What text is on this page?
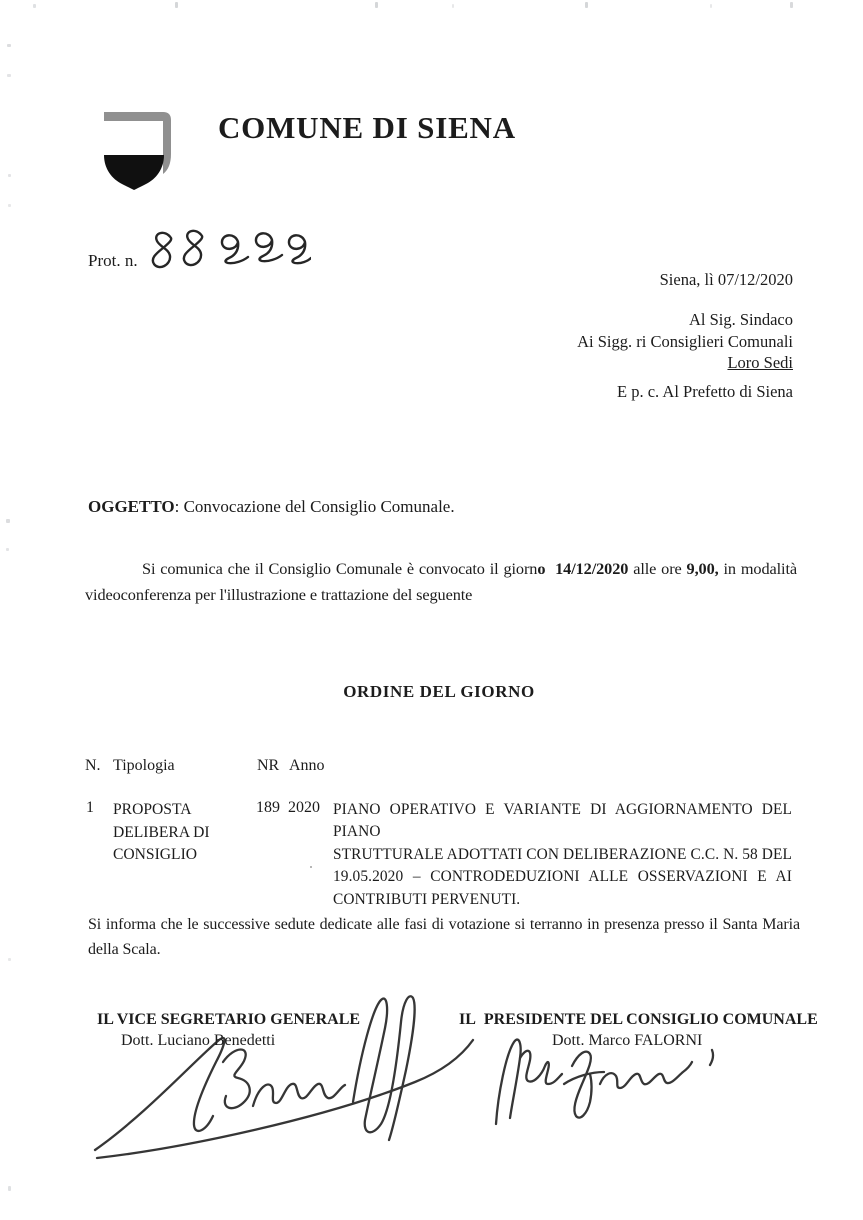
COMUNE DI SIENA
Prot. n.
Siena, lì 07/12/2020
Al Sig. Sindaco
Ai Sigg. ri Consiglieri Comunali
Loro Sedi
E p. c. Al Prefetto di Siena
OGGETTO: Convocazione del Consiglio Comunale.
Si comunica che il Consiglio Comunale è convocato il giorno  14/12/2020 alle ore 9,00, in modalità videoconferenza per l'illustrazione e trattazione del seguente
ORDINE DEL GIORNO
N. Tipologia	NR Anno
1 PROPOSTA DELIBERA DI CONSIGLIO
189 2020 PIANO OPERATIVO E VARIANTE DI AGGIORNAMENTO DEL PIANO
STRUTTURALE ADOTTATI CON DELIBERAZIONE C.C. N. 58 DEL
19.05.2020 – CONTRODEDUZIONI ALLE OSSERVAZIONI E AI
CONTRIBUTI PERVENUTI.
Si informa che le successive sedute dedicate alle fasi di votazione si terranno in presenza presso il Santa Maria della Scala.
IL VICE SEGRETARIO GENERALE
Dott. Luciano Benedetti
IL  PRESIDENTE DEL CONSIGLIO COMUNALE
Dott. Marco FALORNI
